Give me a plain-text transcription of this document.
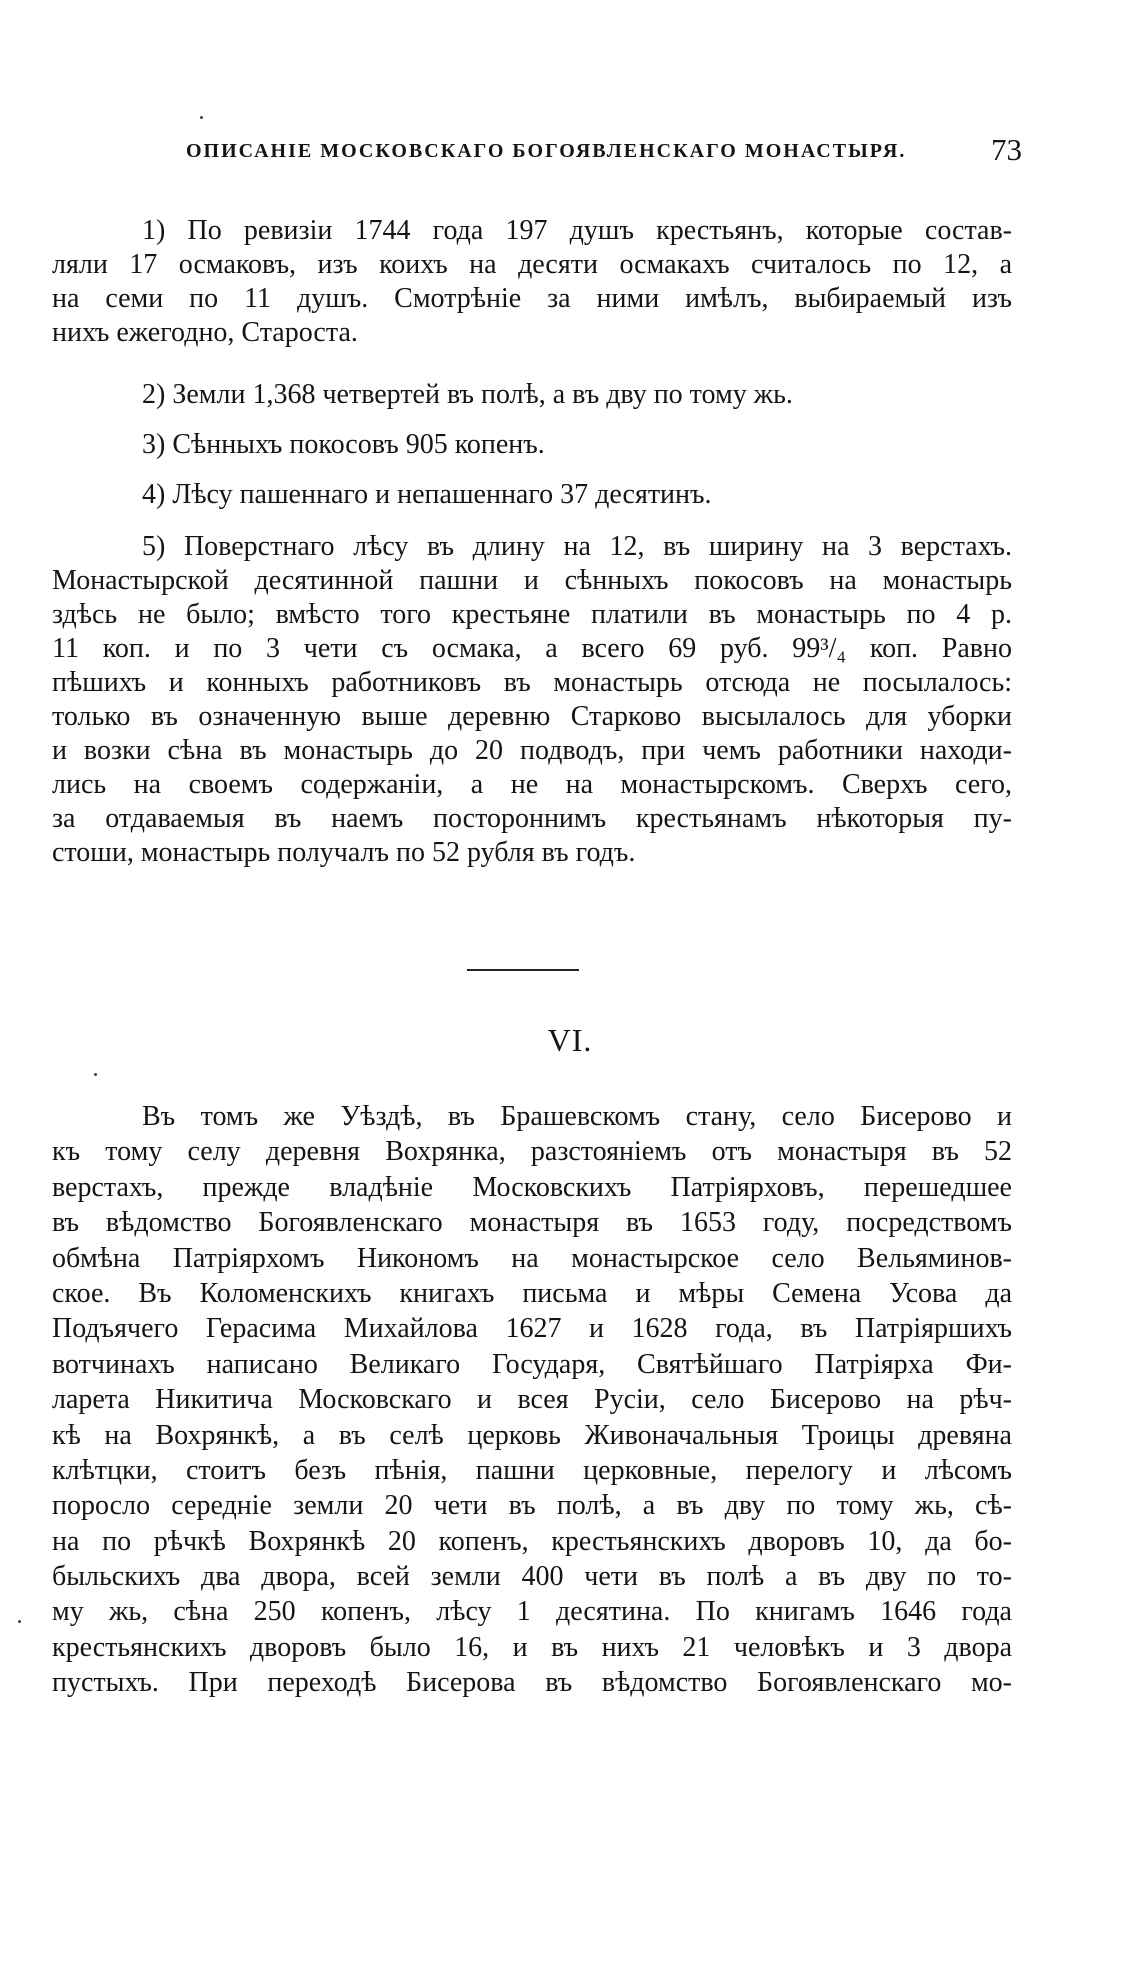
ОПИСАНІЕ МОСКОВСКАГО БОГОЯВЛЕНСКАГО МОНАСТЫРЯ.	73
1) По ревизіи 1744 года 197 душъ крестьянъ, которые состав-
ляли 17 осмаковъ, изъ коихъ на десяти осмакахъ считалось по 12, а
на семи по 11 душъ. Смотрѣніе за ними имѣлъ, выбираемый изъ
нихъ ежегодно, Староста.
2) Земли 1,368 четвертей въ полѣ, а въ дву по тому жь.
3) Сѣнныхъ покосовъ 905 копенъ.
4) Лѣсу пашеннаго и непашеннаго 37 десятинъ.
5) Поверстнаго лѣсу въ длину на 12, въ ширину на 3 верстахъ.
Монастырской десятинной пашни и сѣнныхъ покосовъ на монастырь
здѣсь не было; вмѣсто того крестьяне платили въ монастырь по 4 р.
11 коп. и по 3 чети съ осмака, а всего 69 руб. 99³/₄ коп. Равно
пѣшихъ и конныхъ работниковъ въ монастырь отсюда не посылалось:
только въ означенную выше деревню Старково высылалось для уборки
и возки сѣна въ монастырь до 20 подводъ, при чемъ работники находи-
лись на своемъ содержаніи, а не на монастырскомъ. Сверхъ сего,
за отдаваемыя въ наемъ постороннимъ крестьянамъ нѣкоторыя пу-
стоши, монастырь получалъ по 52 рубля въ годъ.
VI.
Въ томъ же Уѣздѣ, въ Брашевскомъ стану, село Бисерово и
къ тому селу деревня Вохрянка, разстояніемъ отъ монастыря въ 52
верстахъ, прежде владѣніе Московскихъ Патріярховъ, перешедшее
въ вѣдомство Богоявленскаго монастыря въ 1653 году, посредствомъ
обмѣна Патріярхомъ Никономъ на монастырское село Вельяминов-
ское. Въ Коломенскихъ книгахъ письма и мѣры Семена Усова да
Подъячего Герасима Михайлова 1627 и 1628 года, въ Патріяршихъ
вотчинахъ написано Великаго Государя, Святѣйшаго Патріярха Фи-
ларета Никитича Московскаго и всея Русіи, село Бисерово на рѣч-
кѣ на Вохрянкѣ, а въ селѣ церковь Живоначальныя Троицы древяна
клѣтцки, стоитъ безъ пѣнія, пашни церковные, перелогу и лѣсомъ
поросло середніе земли 20 чети въ полѣ, а въ дву по тому жь, сѣ-
на по рѣчкѣ Вохрянкѣ 20 копенъ, крестьянскихъ дворовъ 10, да бо-
быльскихъ два двора, всей земли 400 чети въ полѣ а въ дву по то-
му жь, сѣна 250 копенъ, лѣсу 1 десятина. По книгамъ 1646 года
крестьянскихъ дворовъ было 16, и въ нихъ 21 человѣкъ и 3 двора
пустыхъ. При переходѣ Бисерова въ вѣдомство Богоявленскаго мо-
